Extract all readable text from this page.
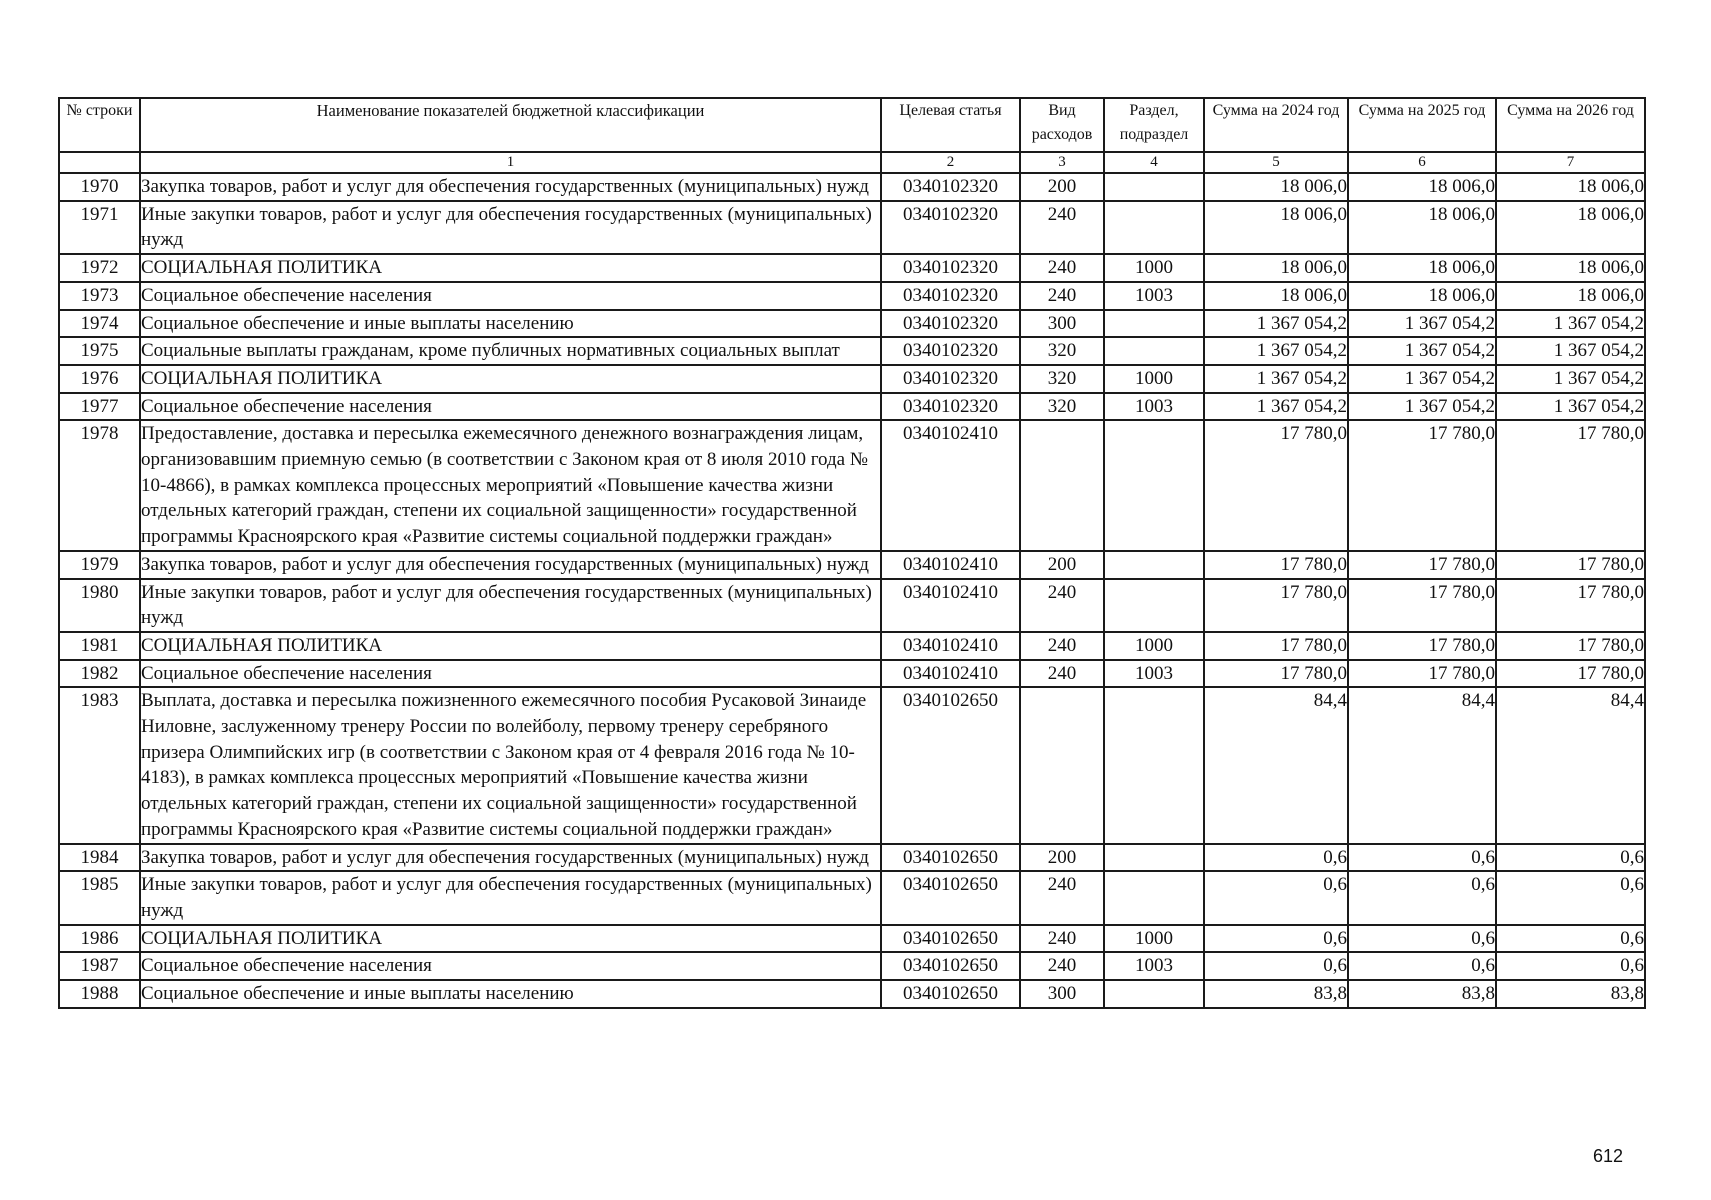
№ строки	Наименование показателей бюджетной классификации	Целевая статья	Вид расходов	Раздел, подраздел	Сумма на 2024 год	Сумма на 2025 год	Сумма на 2026 год
	1	2	3	4	5	6	7
1970	Закупка товаров, работ и услуг для обеспечения государственных (муниципальных) нужд	0340102320	200		18 006,0	18 006,0	18 006,0
1971	Иные закупки товаров, работ и услуг для обеспечения государственных (муниципальных) нужд	0340102320	240		18 006,0	18 006,0	18 006,0
1972	СОЦИАЛЬНАЯ ПОЛИТИКА	0340102320	240	1000	18 006,0	18 006,0	18 006,0
1973	Социальное обеспечение населения	0340102320	240	1003	18 006,0	18 006,0	18 006,0
1974	Социальное обеспечение и иные выплаты населению	0340102320	300		1 367 054,2	1 367 054,2	1 367 054,2
1975	Социальные выплаты гражданам, кроме публичных нормативных социальных выплат	0340102320	320		1 367 054,2	1 367 054,2	1 367 054,2
1976	СОЦИАЛЬНАЯ ПОЛИТИКА	0340102320	320	1000	1 367 054,2	1 367 054,2	1 367 054,2
1977	Социальное обеспечение населения	0340102320	320	1003	1 367 054,2	1 367 054,2	1 367 054,2
1978	Предоставление, доставка и пересылка ежемесячного денежного вознаграждения лицам, организовавшим приемную семью (в соответствии с Законом края от 8 июля 2010 года № 10-4866), в рамках комплекса процессных мероприятий «Повышение качества жизни отдельных категорий граждан, степени их социальной защищенности» государственной программы Красноярского края «Развитие системы социальной поддержки граждан»	0340102410			17 780,0	17 780,0	17 780,0
1979	Закупка товаров, работ и услуг для обеспечения государственных (муниципальных) нужд	0340102410	200		17 780,0	17 780,0	17 780,0
1980	Иные закупки товаров, работ и услуг для обеспечения государственных (муниципальных) нужд	0340102410	240		17 780,0	17 780,0	17 780,0
1981	СОЦИАЛЬНАЯ ПОЛИТИКА	0340102410	240	1000	17 780,0	17 780,0	17 780,0
1982	Социальное обеспечение населения	0340102410	240	1003	17 780,0	17 780,0	17 780,0
1983	Выплата, доставка и пересылка пожизненного ежемесячного пособия Русаковой Зинаиде Ниловне, заслуженному тренеру России по волейболу, первому тренеру серебряного призера Олимпийских игр (в соответствии с Законом края от 4 февраля 2016 года № 10-4183), в рамках комплекса процессных мероприятий «Повышение качества жизни отдельных категорий граждан, степени их социальной защищенности» государственной программы Красноярского края «Развитие системы социальной поддержки граждан»	0340102650			84,4	84,4	84,4
1984	Закупка товаров, работ и услуг для обеспечения государственных (муниципальных) нужд	0340102650	200		0,6	0,6	0,6
1985	Иные закупки товаров, работ и услуг для обеспечения государственных (муниципальных) нужд	0340102650	240		0,6	0,6	0,6
1986	СОЦИАЛЬНАЯ ПОЛИТИКА	0340102650	240	1000	0,6	0,6	0,6
1987	Социальное обеспечение населения	0340102650	240	1003	0,6	0,6	0,6
1988	Социальное обеспечение и иные выплаты населению	0340102650	300		83,8	83,8	83,8
612
